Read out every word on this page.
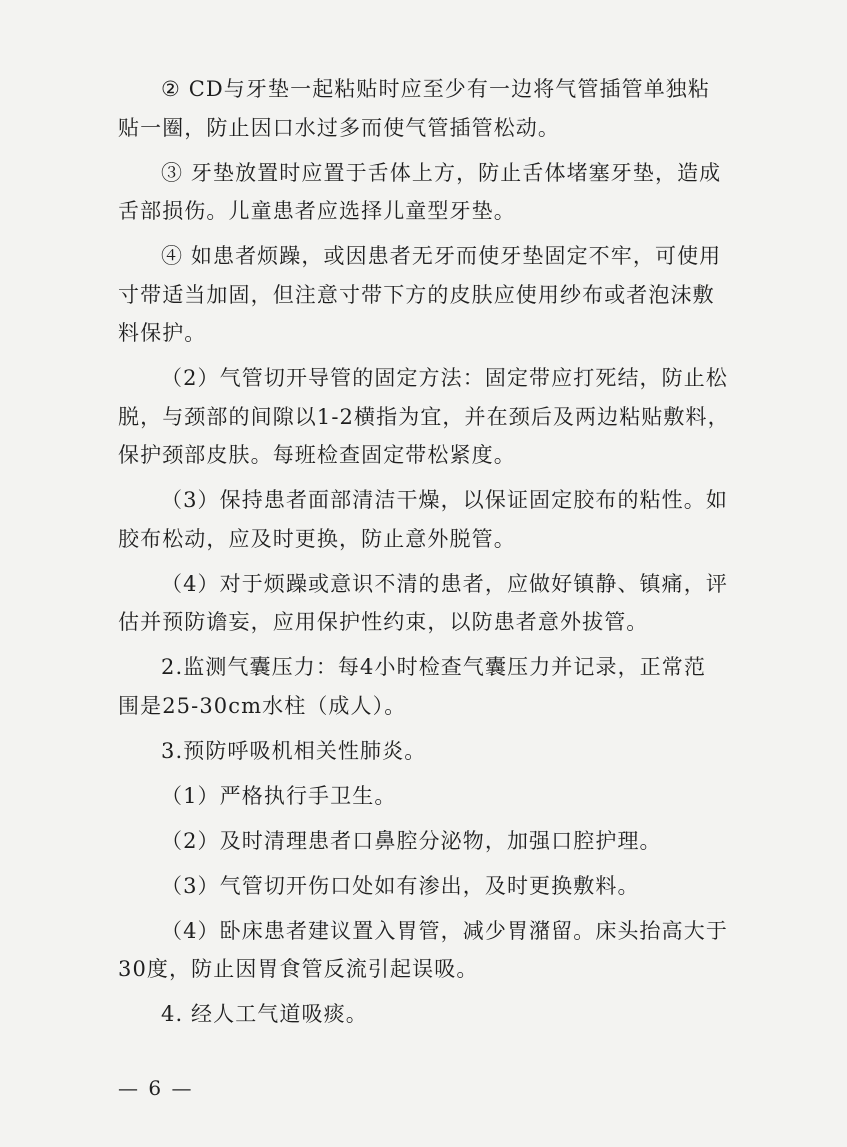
② CD与牙垫一起粘贴时应至少有一边将气管插管单独粘
贴一圈，防止因口水过多而使气管插管松动。

③ 牙垫放置时应置于舌体上方，防止舌体堵塞牙垫，造成
舌部损伤。儿童患者应选择儿童型牙垫。

④ 如患者烦躁，或因患者无牙而使牙垫固定不牢，可使用
寸带适当加固，但注意寸带下方的皮肤应使用纱布或者泡沫敷
料保护。

（2）气管切开导管的固定方法：固定带应打死结，防止松
脱，与颈部的间隙以1-2横指为宜，并在颈后及两边粘贴敷料，
保护颈部皮肤。每班检查固定带松紧度。

（3）保持患者面部清洁干燥，以保证固定胶布的粘性。如
胶布松动，应及时更换，防止意外脱管。

（4）对于烦躁或意识不清的患者，应做好镇静、镇痛，评
估并预防谵妄，应用保护性约束，以防患者意外拔管。

2.监测气囊压力：每4小时检查气囊压力并记录，正常范
围是25-30cm水柱（成人）。

3.预防呼吸机相关性肺炎。

（1）严格执行手卫生。

（2）及时清理患者口鼻腔分泌物，加强口腔护理。

（3）气管切开伤口处如有渗出，及时更换敷料。

（4）卧床患者建议置入胃管，减少胃潴留。床头抬高大于
30度，防止因胃食管反流引起误吸。

4. 经人工气道吸痰。

— 6 —
